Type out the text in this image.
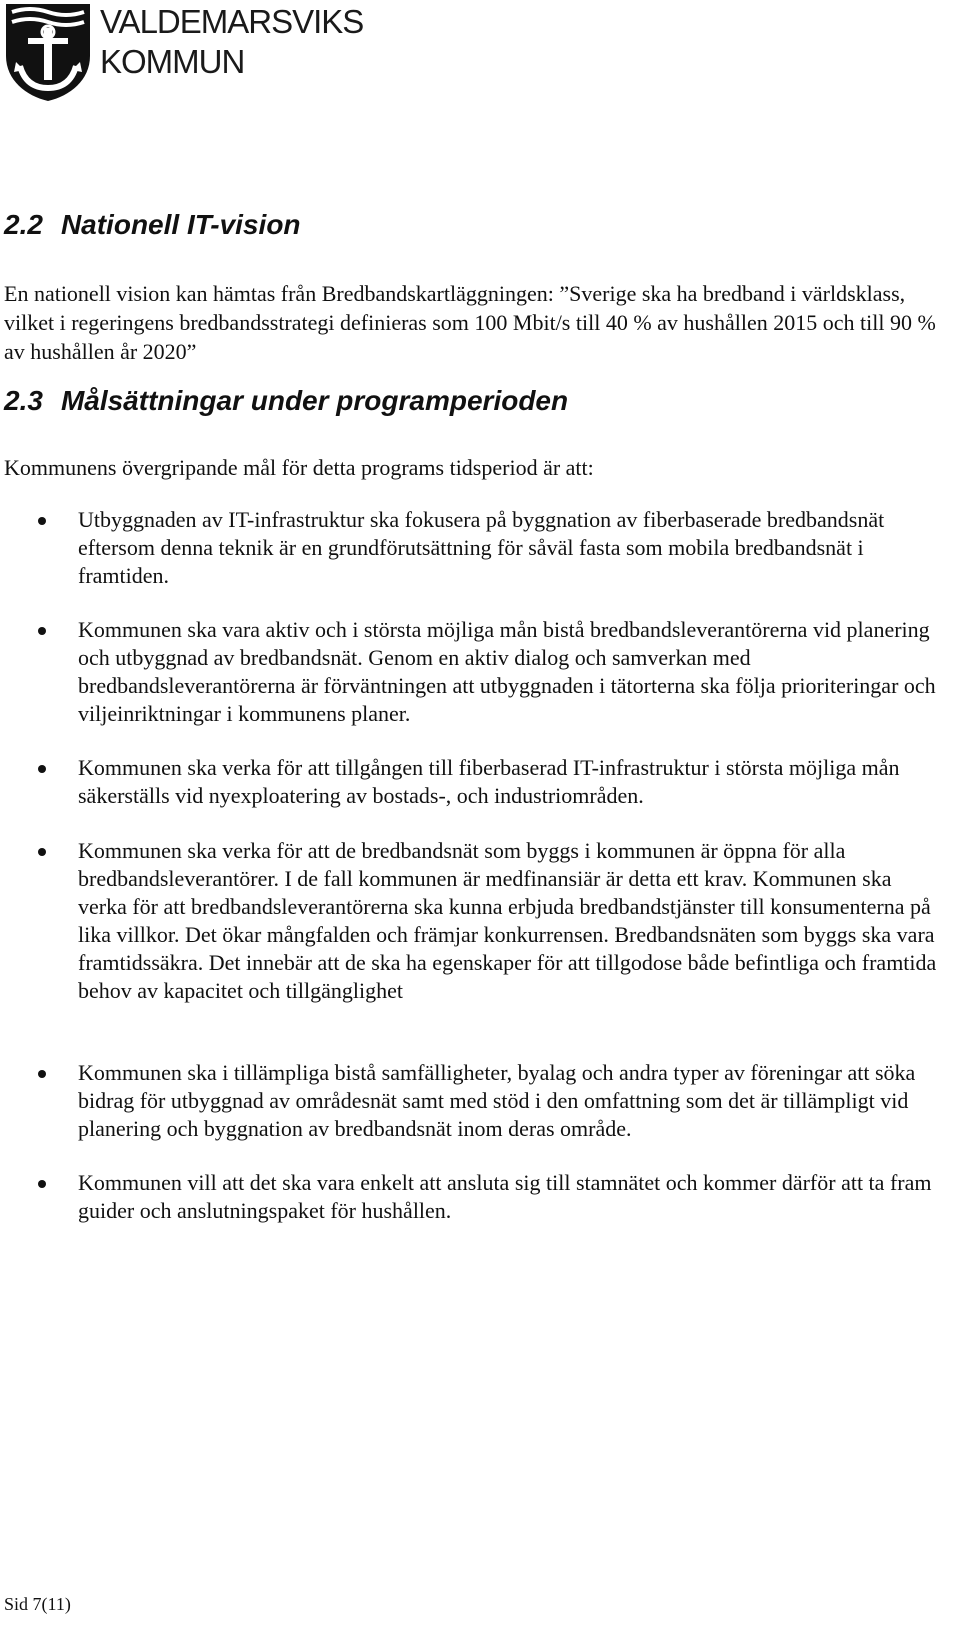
VALDEMARSVIKS
KOMMUN
2.2 Nationell IT-vision

En nationell vision kan hämtas från Bredbandskartläggningen: ”Sverige ska ha bredband i världsklass, vilket i regeringens bredbandsstrategi definieras som 100 Mbit/s till 40 % av hushållen 2015 och till 90 % av hushållen år 2020”

2.3 Målsättningar under programperioden

Kommunens övergripande mål för detta programs tidsperiod är att:

Utbyggnaden av IT-infrastruktur ska fokusera på byggnation av fiberbaserade bredbandsnät eftersom denna teknik är en grundförutsättning för såväl fasta som mobila bredbandsnät i framtiden.
Kommunen ska vara aktiv och i största möjliga mån bistå bredbandsleverantörerna vid planering och utbyggnad av bredbandsnät. Genom en aktiv dialog och samverkan med bredbandsleverantörerna är förväntningen att utbyggnaden i tätorterna ska följa prioriteringar och viljeinriktningar i kommunens planer.
Kommunen ska verka för att tillgången till fiberbaserad IT-infrastruktur i största möjliga mån säkerställs vid nyexploatering av bostads-, och industriområden.
Kommunen ska verka för att de bredbandsnät som byggs i kommunen är öppna för alla bredbandsleverantörer. I de fall kommunen är medfinansiär är detta ett krav. Kommunen ska verka för att bredbandsleverantörerna ska kunna erbjuda bredbandstjänster till konsumenterna på lika villkor. Det ökar mångfalden och främjar konkurrensen. Bredbandsnäten som byggs ska vara framtidssäkra. Det innebär att de ska ha egenskaper för att tillgodose både befintliga och framtida behov av kapacitet och tillgänglighet
Kommunen ska i tillämpliga bistå samfälligheter, byalag och andra typer av föreningar att söka bidrag för utbyggnad av områdesnät samt med stöd i den omfattning som det är tillämpligt vid planering och byggnation av bredbandsnät inom deras område.
Kommunen vill att det ska vara enkelt att ansluta sig till stamnätet och kommer därför att ta fram guider och anslutningspaket för hushållen.
Sid 7(11)
